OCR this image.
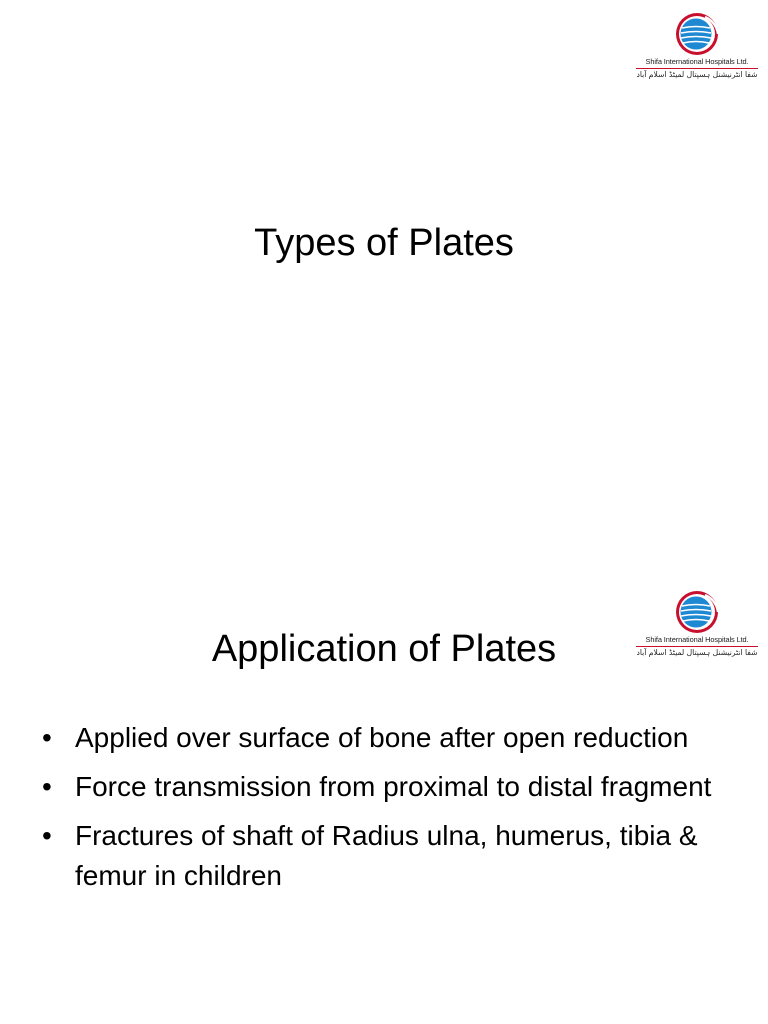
Shifa International Hospitals Ltd.
شفا انٹرنیشنل ہسپتال لمیٹڈ اسلام آباد
Types of Plates
Shifa International Hospitals Ltd.
شفا انٹرنیشنل ہسپتال لمیٹڈ اسلام آباد
Application of Plates
• Applied over surface of bone after open reduction
• Force transmission from proximal to distal fragment
• Fractures of shaft of Radius ulna, humerus, tibia & femur in children
